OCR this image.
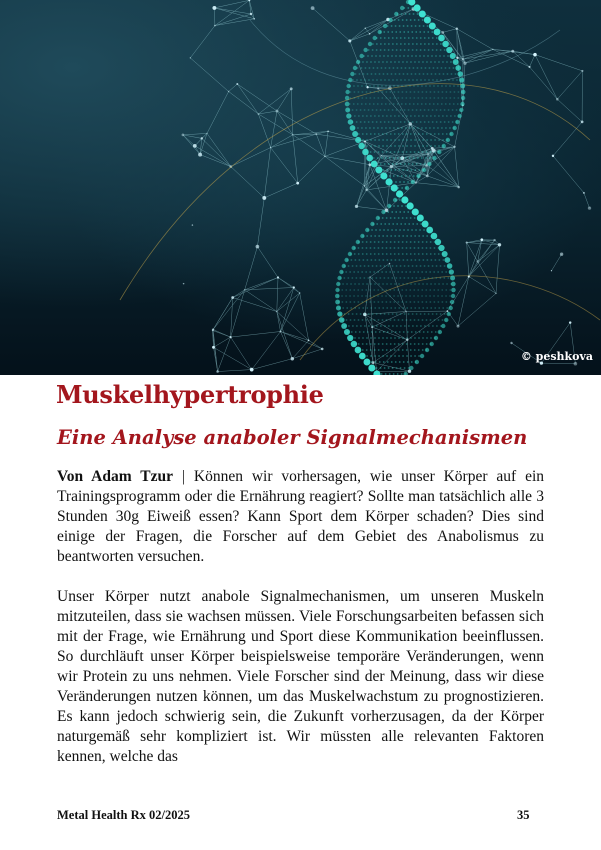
© peshkova
Muskelhypertrophie
Eine Analyse anaboler Signalmechanismen

Von Adam Tzur | Können wir vorhersagen, wie unser Körper auf ein Trainingsprogramm oder die Ernährung reagiert? Sollte man tatsächlich alle 3 Stunden 30g Eiweiß essen? Kann Sport dem Körper schaden? Dies sind einige der Fragen, die Forscher auf dem Gebiet des Anabolismus zu beantworten versuchen.

Unser Körper nutzt anabole Signalmechanismen, um unseren Muskeln mitzuteilen, dass sie wachsen müssen. Viele Forschungsarbeiten befassen sich mit der Frage, wie Ernährung und Sport diese Kommunikation beeinflussen. So durchläuft unser Körper beispielsweise temporäre Veränderungen, wenn wir Protein zu uns nehmen. Viele Forscher sind der Meinung, dass wir diese Veränderungen nutzen können, um das Muskelwachstum zu prognostizieren. Es kann jedoch schwierig sein, die Zukunft vorherzusagen, da der Körper naturgemäß sehr kompliziert ist. Wir müssten alle relevanten Faktoren kennen, welche das

Metal Health Rx 02/2025	35
